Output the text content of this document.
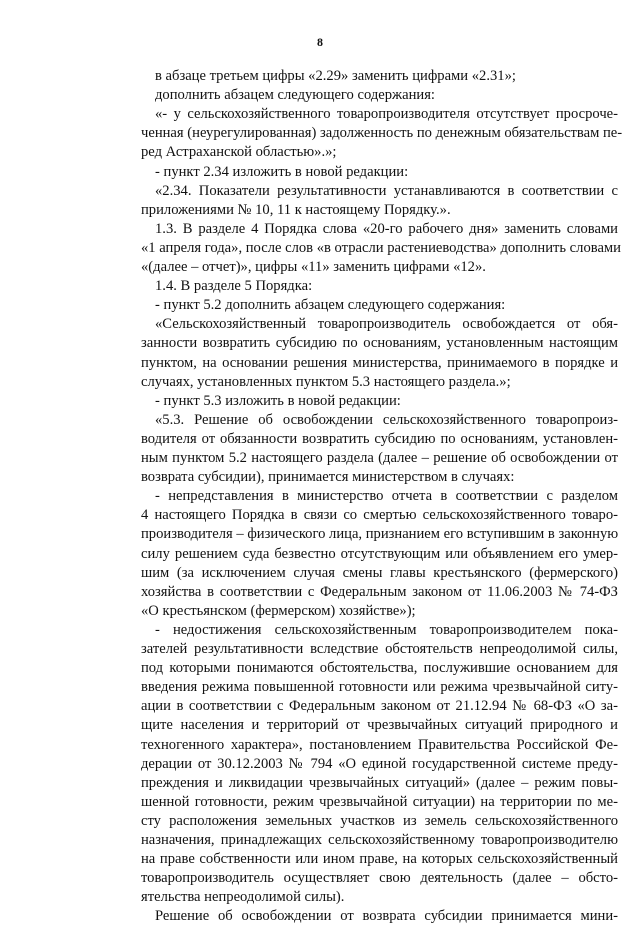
8
в абзаце третьем цифры «2.29» заменить цифрами «2.31»;
дополнить абзацем следующего содержания:
«- у сельскохозяйственного товаропроизводителя отсутствует просроче-
ченная (неурегулированная) задолженность по денежным обязательствам пе-
ред Астраханской областью».»;
- пункт 2.34 изложить в новой редакции:
«2.34. Показатели результативности устанавливаются в соответствии с
приложениями № 10, 11 к настоящему Порядку.».
1.3. В разделе 4 Порядка слова «20-го рабочего дня» заменить словами
«1 апреля года», после слов «в отрасли растениеводства» дополнить словами
«(далее – отчет)», цифры «11» заменить цифрами «12».
1.4. В разделе 5 Порядка:
- пункт 5.2 дополнить абзацем следующего содержания:
«Сельскохозяйственный товаропроизводитель освобождается от обя-
занности возвратить субсидию по основаниям, установленным настоящим
пунктом, на основании решения министерства, принимаемого в порядке и
случаях, установленных пунктом 5.3 настоящего раздела.»;
- пункт 5.3 изложить в новой редакции:
«5.3. Решение об освобождении сельскохозяйственного товаропроиз-
водителя от обязанности возвратить субсидию по основаниям, установлен-
ным пунктом 5.2 настоящего раздела (далее – решение об освобождении от
возврата субсидии), принимается министерством в случаях:
- непредставления в министерство отчета в соответствии с разделом
4 настоящего Порядка в связи со смертью сельскохозяйственного товаро-
производителя – физического лица, признанием его вступившим в законную
силу решением суда безвестно отсутствующим или объявлением его умер-
шим (за исключением случая смены главы крестьянского (фермерского)
хозяйства в соответствии с Федеральным законом от 11.06.2003 № 74-ФЗ
«О крестьянском (фермерском) хозяйстве»);
- недостижения сельскохозяйственным товаропроизводителем пока-
зателей результативности вследствие обстоятельств непреодолимой силы,
под которыми понимаются обстоятельства, послужившие основанием для
введения режима повышенной готовности или режима чрезвычайной ситу-
ации в соответствии с Федеральным законом от 21.12.94 № 68-ФЗ «О за-
щите населения и территорий от чрезвычайных ситуаций природного и
техногенного характера», постановлением Правительства Российской Фе-
дерации от 30.12.2003 № 794 «О единой государственной системе преду-
преждения и ликвидации чрезвычайных ситуаций» (далее – режим повы-
шенной готовности, режим чрезвычайной ситуации) на территории по ме-
сту расположения земельных участков из земель сельскохозяйственного
назначения, принадлежащих сельскохозяйственному товаропроизводителю
на праве собственности или ином праве, на которых сельскохозяйственный
товаропроизводитель осуществляет свою деятельность (далее – обсто-
ятельства непреодолимой силы).
Решение об освобождении от возврата субсидии принимается мини-
